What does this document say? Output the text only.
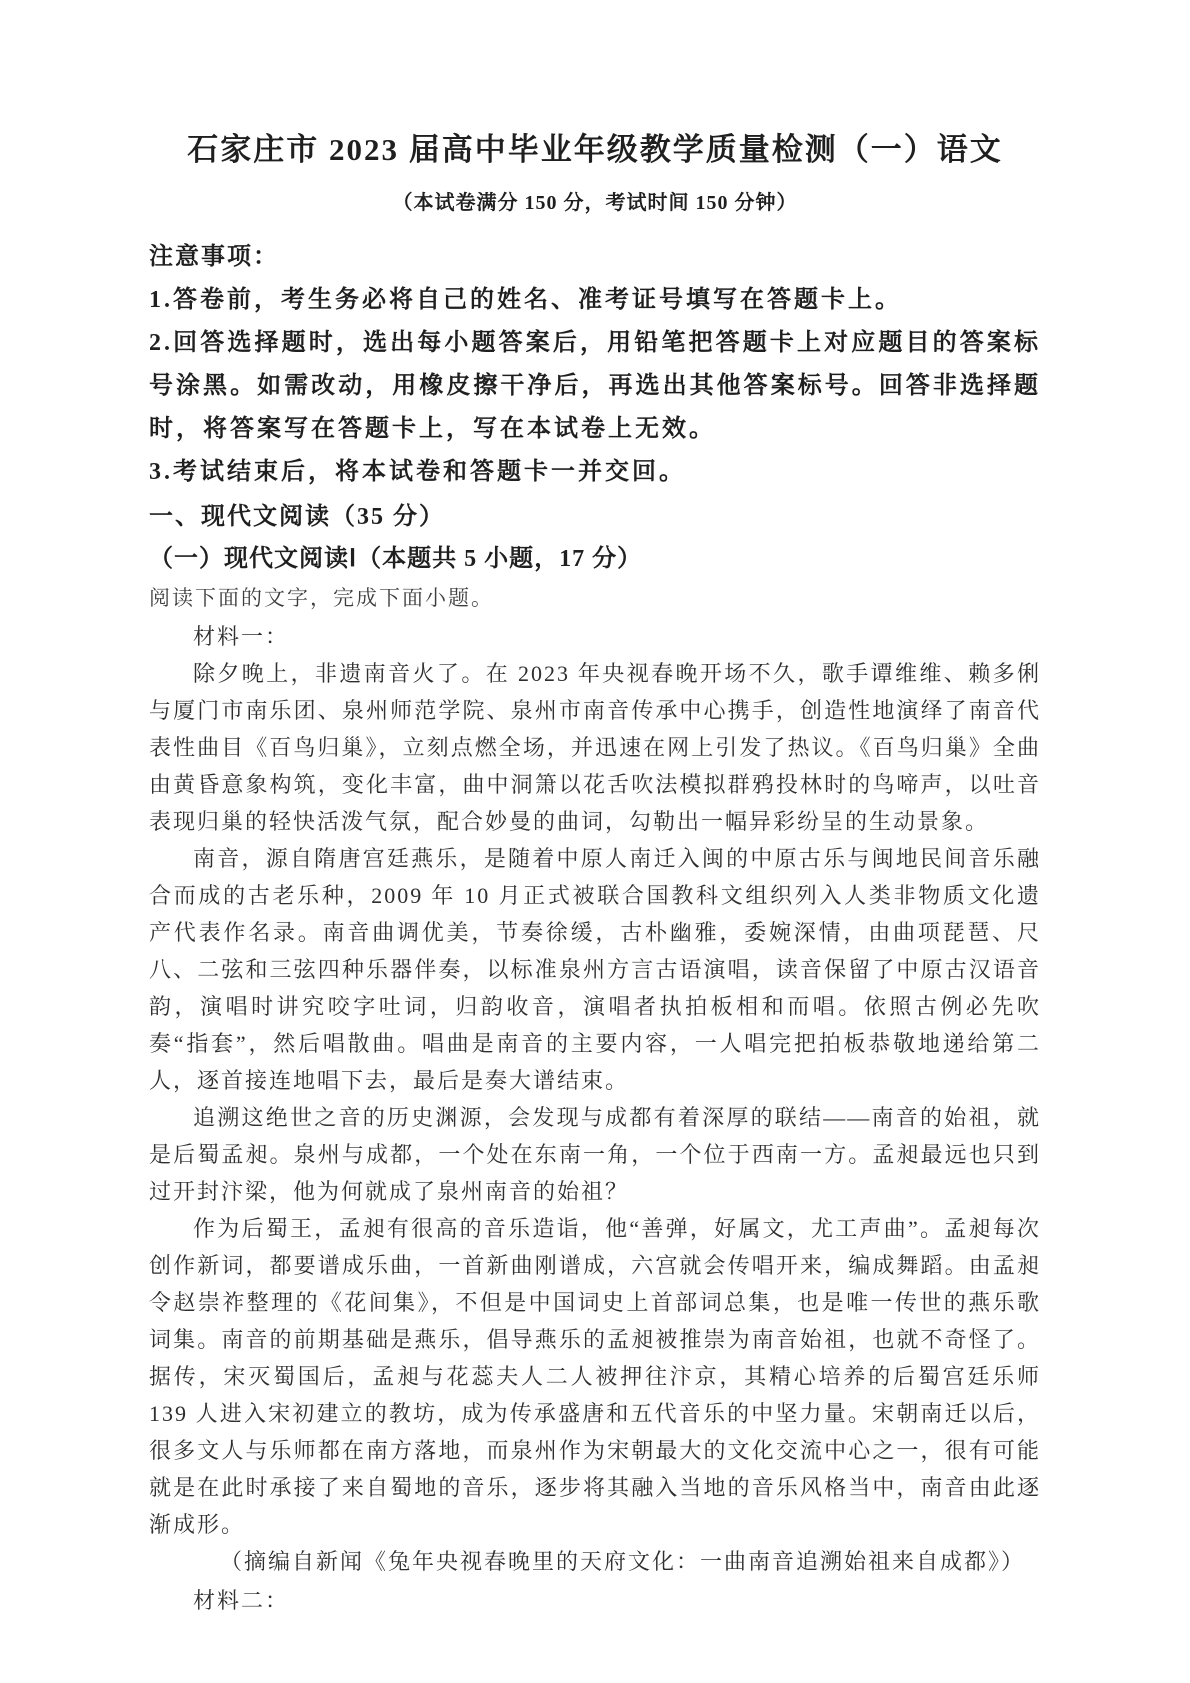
石家庄市 2023 届高中毕业年级教学质量检测（一）语文
（本试卷满分 150 分，考试时间 150 分钟）
注意事项：

1.答卷前，考生务必将自己的姓名、准考证号填写在答题卡上。

2.回答选择题时，选出每小题答案后，用铅笔把答题卡上对应题目的答案标号涂黑。如需改动，用橡皮擦干净后，再选出其他答案标号。回答非选择题时，将答案写在答题卡上，写在本试卷上无效。

3.考试结束后，将本试卷和答题卡一并交回。

一、现代文阅读（35 分）
（一）现代文阅读Ⅰ（本题共 5 小题，17 分）
阅读下面的文字，完成下面小题。
材料一：

除夕晚上，非遗南音火了。在 2023 年央视春晚开场不久，歌手谭维维、赖多俐与厦门市南乐团、泉州师范学院、泉州市南音传承中心携手，创造性地演绎了南音代表性曲目《百鸟归巢》，立刻点燃全场，并迅速在网上引发了热议。《百鸟归巢》全曲由黄昏意象构筑，变化丰富，曲中洞箫以花舌吹法模拟群鸦投林时的鸟啼声，以吐音表现归巢的轻快活泼气氛，配合妙曼的曲词，勾勒出一幅异彩纷呈的生动景象。

南音，源自隋唐宫廷燕乐，是随着中原人南迁入闽的中原古乐与闽地民间音乐融合而成的古老乐种，2009 年 10 月正式被联合国教科文组织列入人类非物质文化遗产代表作名录。南音曲调优美，节奏徐缓，古朴幽雅，委婉深情，由曲项琵琶、尺八、二弦和三弦四种乐器伴奏，以标准泉州方言古语演唱，读音保留了中原古汉语音韵，演唱时讲究咬字吐词，归韵收音，演唱者执拍板相和而唱。依照古例必先吹奏“指套”，然后唱散曲。唱曲是南音的主要内容，一人唱完把拍板恭敬地递给第二人，逐首接连地唱下去，最后是奏大谱结束。

追溯这绝世之音的历史渊源，会发现与成都有着深厚的联结——南音的始祖，就是后蜀孟昶。泉州与成都，一个处在东南一角，一个位于西南一方。孟昶最远也只到过开封汴梁，他为何就成了泉州南音的始祖？

作为后蜀王，孟昶有很高的音乐造诣，他“善弹，好属文，尤工声曲”。孟昶每次创作新词，都要谱成乐曲，一首新曲刚谱成，六宫就会传唱开来，编成舞蹈。由孟昶令赵崇祚整理的《花间集》，不但是中国词史上首部词总集，也是唯一传世的燕乐歌词集。南音的前期基础是燕乐，倡导燕乐的孟昶被推崇为南音始祖，也就不奇怪了。据传，宋灭蜀国后，孟昶与花蕊夫人二人被押往汴京，其精心培养的后蜀宫廷乐师 139 人进入宋初建立的教坊，成为传承盛唐和五代音乐的中坚力量。宋朝南迁以后，很多文人与乐师都在南方落地，而泉州作为宋朝最大的文化交流中心之一，很有可能就是在此时承接了来自蜀地的音乐，逐步将其融入当地的音乐风格当中，南音由此逐渐成形。

（摘编自新闻《兔年央视春晚里的天府文化：一曲南音追溯始祖来自成都》）

材料二：
